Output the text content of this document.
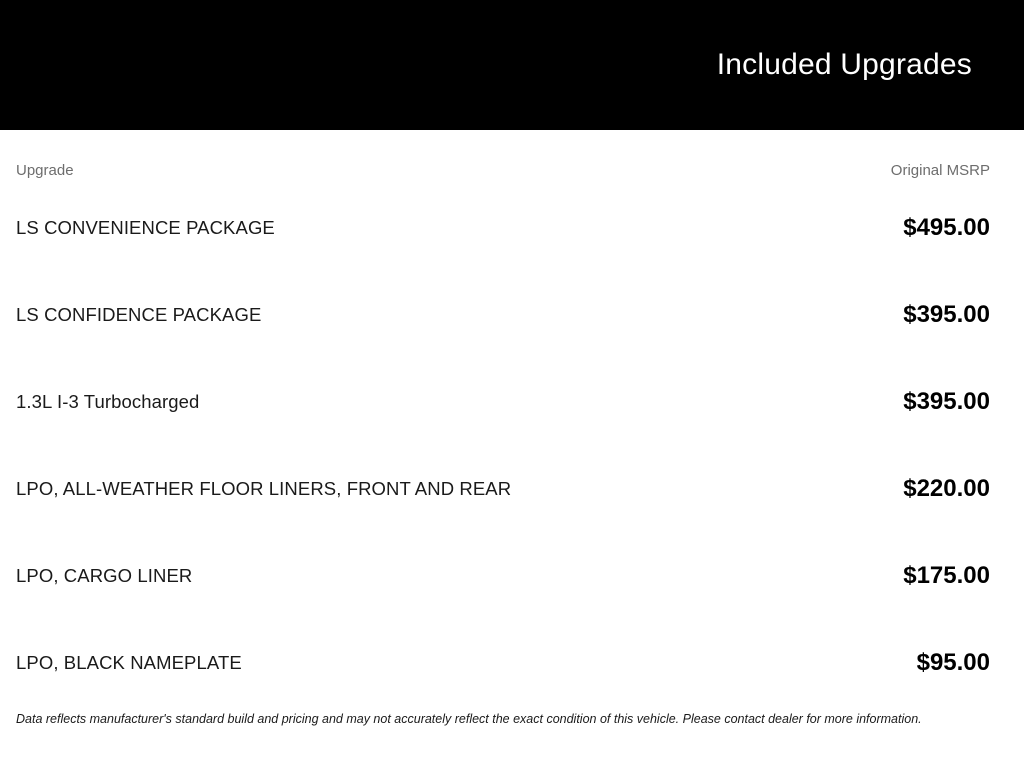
Included Upgrades
Upgrade	Original MSRP
LS CONVENIENCE PACKAGE	$495.00
LS CONFIDENCE PACKAGE	$395.00
1.3L I-3 Turbocharged	$395.00
LPO, ALL-WEATHER FLOOR LINERS, FRONT AND REAR	$220.00
LPO, CARGO LINER	$175.00
LPO, BLACK NAMEPLATE	$95.00

Data reflects manufacturer's standard build and pricing and may not accurately reflect the exact condition of this vehicle. Please contact dealer for more information.
